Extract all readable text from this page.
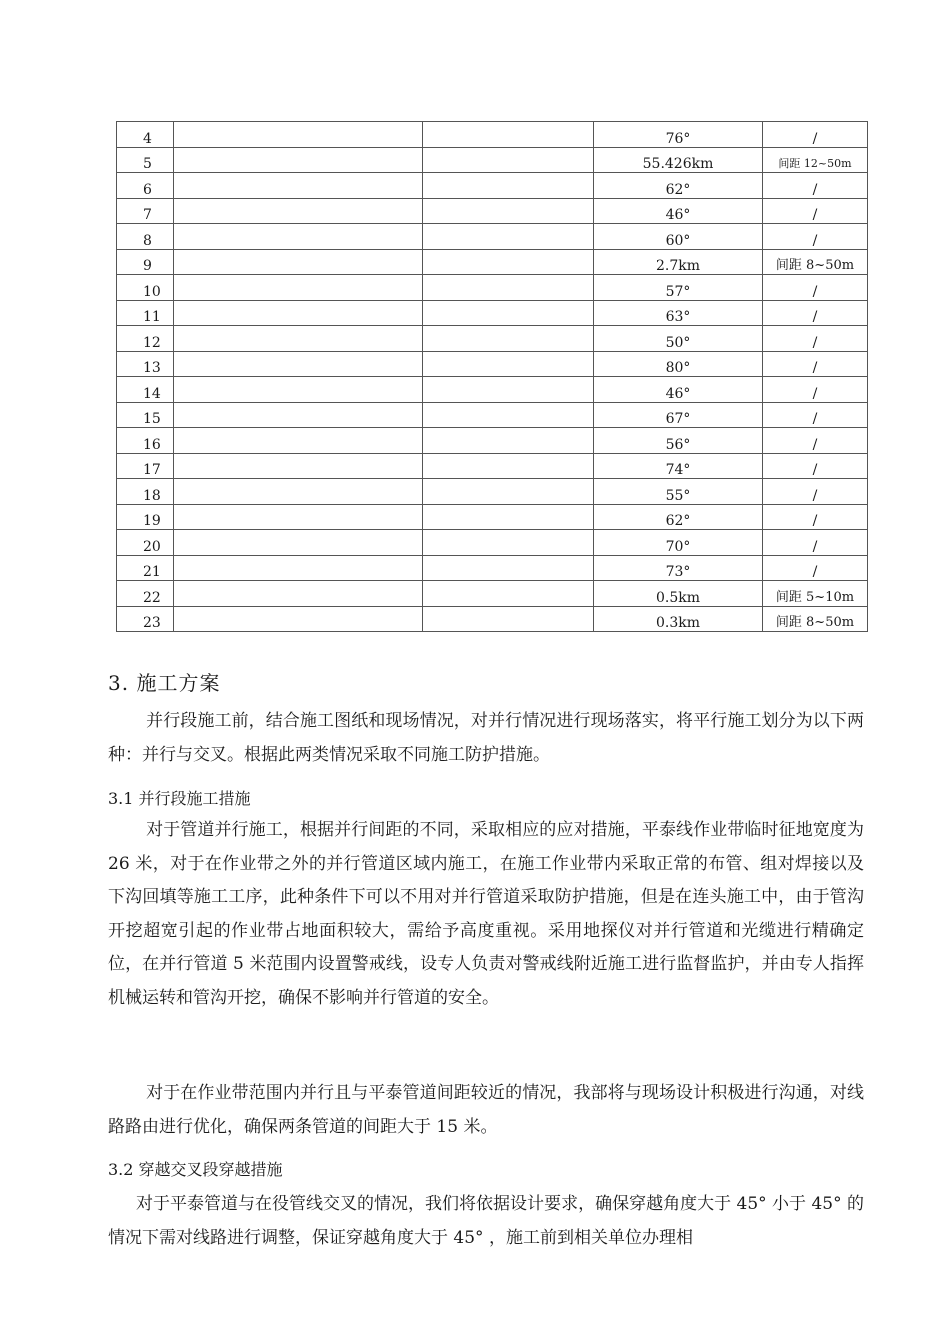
4			76°	/
5			55.426km	间距 12~50m
6			62°	/
7			46°	/
8			60°	/
9			2.7km	间距 8~50m
10			57°	/
11			63°	/
12			50°	/
13			80°	/
14			46°	/
15			67°	/
16			56°	/
17			74°	/
18			55°	/
19			62°	/
20			70°	/
21			73°	/
22			0.5km	间距 5~10m
23			0.3km	间距 8~50m
3. 施工方案
并行段施工前，结合施工图纸和现场情况，对并行情况进行现场落实，将平行施工划分为以下两种：并行与交叉。根据此两类情况采取不同施工防护措施。
3.1 并行段施工措施
对于管道并行施工，根据并行间距的不同，采取相应的应对措施，平泰线作业带临时征地宽度为 26 米，对于在作业带之外的并行管道区域内施工，在施工作业带内采取正常的布管、组对焊接以及下沟回填等施工工序，此种条件下可以不用对并行管道采取防护措施，但是在连头施工中，由于管沟开挖超宽引起的作业带占地面积较大，需给予高度重视。采用地探仪对并行管道和光缆进行精确定位，在并行管道 5 米范围内设置警戒线，设专人负责对警戒线附近施工进行监督监护，并由专人指挥机械运转和管沟开挖，确保不影响并行管道的安全。
对于在作业带范围内并行且与平泰管道间距较近的情况，我部将与现场设计积极进行沟通，对线路路由进行优化，确保两条管道的间距大于 15 米。
3.2 穿越交叉段穿越措施
对于平泰管道与在役管线交叉的情况，我们将依据设计要求，确保穿越角度大于 45° 小于 45° 的情况下需对线路进行调整，保证穿越角度大于 45° ，施工前到相关单位办理相
